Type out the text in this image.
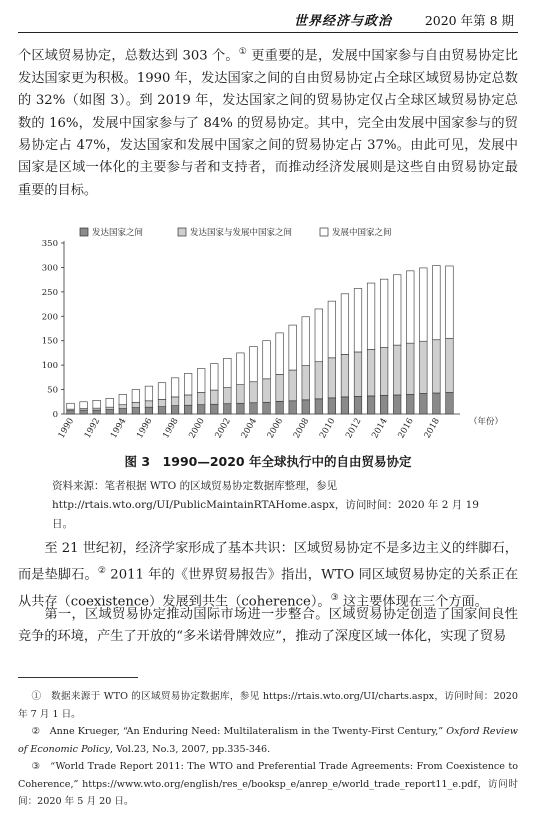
世界经济与政治	2020 年第 8 期
个区域贸易协定，总数达到 303 个。① 更重要的是，发展中国家参与自由贸易协定比发达国家更为积极。1990 年，发达国家之间的自由贸易协定占全球区域贸易协定总数的 32%（如图 3）。到 2019 年，发达国家之间的贸易协定仅占全球区域贸易协定总数的 16%，发展中国家参与了 84% 的贸易协定。其中，完全由发展中国家参与的贸易协定占 47%，发达国家和发展中国家之间的贸易协定占 37%。由此可见，发展中国家是区域一体化的主要参与者和支持者，而推动经济发展则是这些自由贸易协定最重要的目标。
0
50
100
150
200
250
300
350
1990 1992 1994 1996 1998 2000 2002 2004 2006 2008 2010 2012 2014 2016 2018	（年份）
发达国家之间	发达国家与发展中国家之间	发展中国家之间
图 3　1990—2020 年全球执行中的自由贸易协定
资料来源：笔者根据 WTO 的区域贸易协定数据库整理，参见 http://rtais.wto.org/UI/PublicMaintainRTAHome.aspx，访问时间：2020 年 2 月 19 日。
至 21 世纪初，经济学家形成了基本共识：区域贸易协定不是多边主义的绊脚石，而是垫脚石。② 2011 年的《世界贸易报告》指出，WTO 同区域贸易协定的关系正在从共存（coexistence）发展到共生（coherence）。③ 这主要体现在三个方面。
第一，区域贸易协定推动国际市场进一步整合。区域贸易协定创造了国家间良性竞争的环境，产生了开放的“多米诺骨牌效应”，推动了深度区域一体化，实现了贸易
①　数据来源于 WTO 的区域贸易协定数据库，参见 https://rtais.wto.org/UI/charts.aspx，访问时间：2020 年 7 月 1 日。
②　Anne Krueger, “An Enduring Need: Multilateralism in the Twenty-First Century,” Oxford Review of Economic Policy, Vol.23, No.3, 2007, pp.335-346.
③　“World Trade Report 2011: The WTO and Preferential Trade Agreements: From Coexistence to Coherence,” https://www.wto.org/english/res_e/booksp_e/anrep_e/world_trade_report11_e.pdf，访问时间：2020 年 5 月 20 日。
